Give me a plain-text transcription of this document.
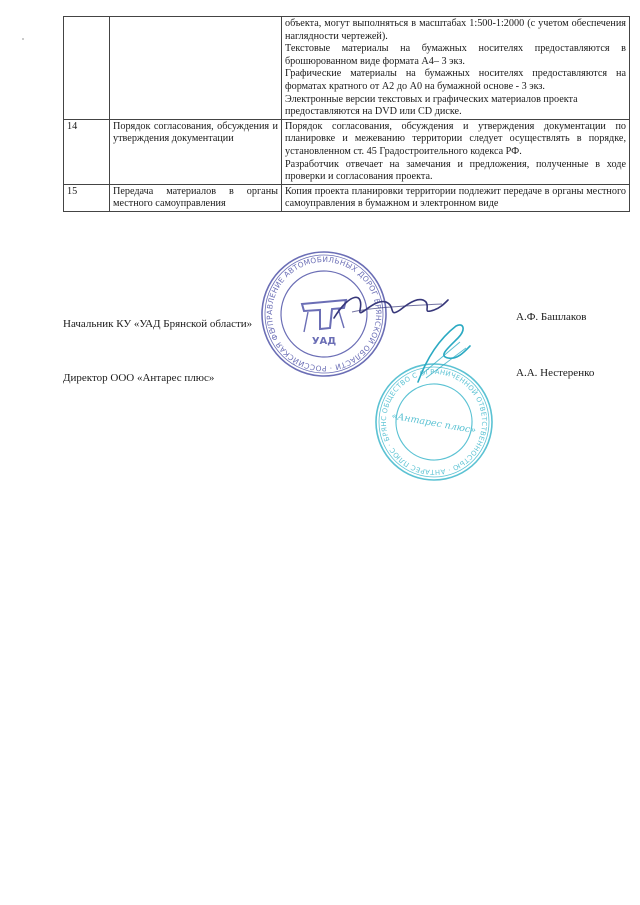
		объекта, могут выполняться в масштабах 1:500-1:2000 (с учетом обеспечения наглядности чертежей).
Текстовые материалы на бумажных носителях предоставляются в брошюрованном виде формата А4– 3 экз.
Графические материалы на бумажных носителях предоставляются на форматах кратного от А2 до А0 на бумажной основе - 3 экз.
Электронные версии текстовых и графических материалов проекта предоставляются на DVD или CD диске.

14	Порядок согласования, обсуждения и утверждения документации	Порядок согласования, обсуждения и утверждения документации по планировке и межеванию территории следует осуществлять в порядке, установленном ст. 45 Градостроительного кодекса РФ.
Разработчик отвечает на замечания и предложения, полученные в ходе проверки и согласования проекта.

15	Передача материалов в органы местного самоуправления	Копия проекта планировки территории подлежит передаче в органы местного самоуправления в бумажном и электронном виде
УПРАВЛЕНИЕ АВТОМОБИЛЬНЫХ ДОРОГ БРЯНСКОЙ ОБЛАСТИ · РОССИЙСКАЯ ФЕДЕРАЦИЯ
УАД
ОБЩЕСТВО С ОГРАНИЧЕННОЙ ОТВЕТСТВЕННОСТЬЮ · АНТАРЕС ПЛЮС · БРЯНСК
«Антарес плюс»
Начальник КУ «УАД Брянской области»
А.Ф. Башлаков
Директор ООО «Антарес плюс»	А.А. Нестеренко
